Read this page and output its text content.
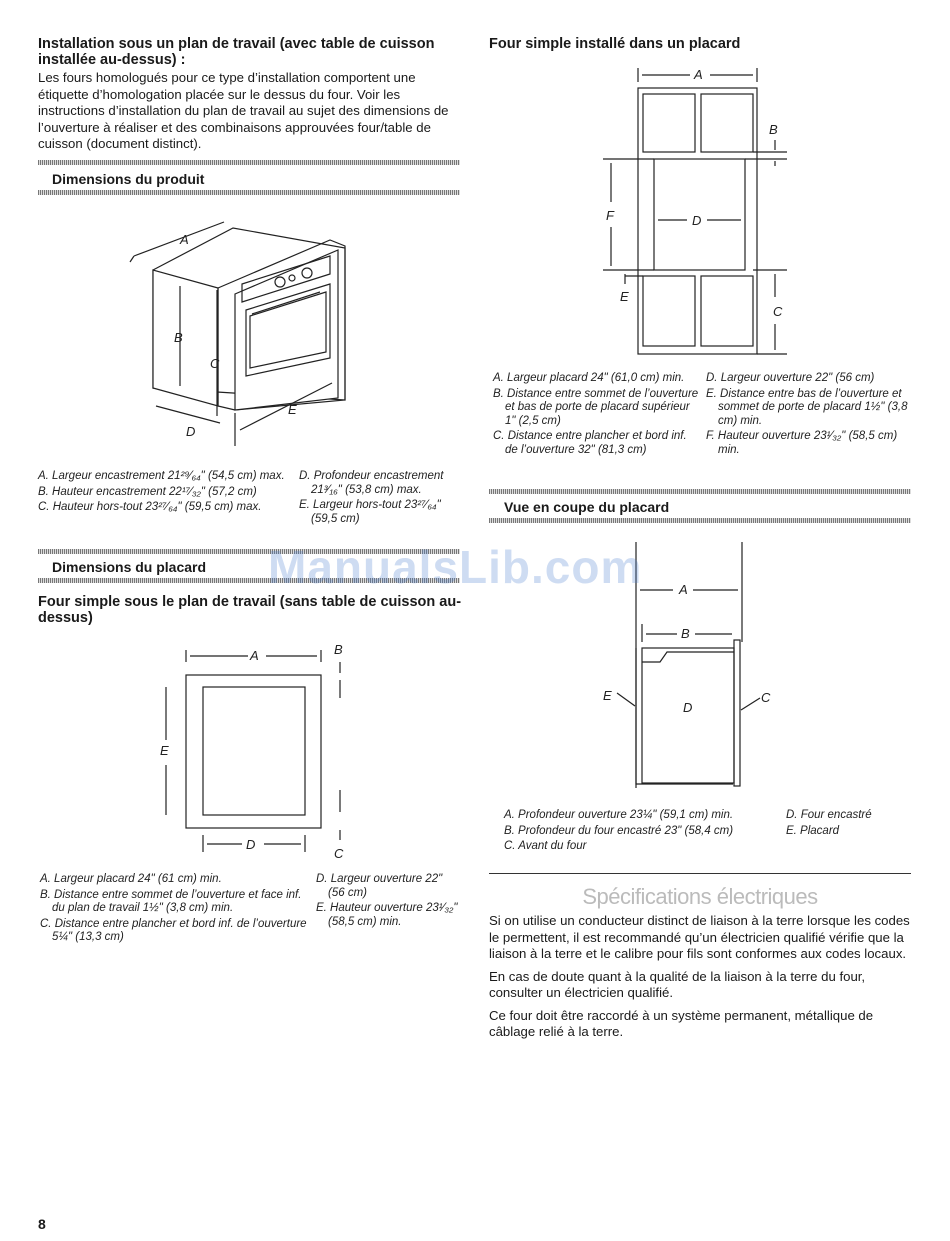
Installation sous un plan de travail (avec table de cuisson installée au-dessus) :

Les fours homologués pour ce type d’installation comportent une étiquette d’homologation placée sur le dessus du four. Voir les instructions d’installation du plan de travail au sujet des dimensions de l’ouverture à réaliser et des combinaisons approuvées four/table de cuisson (document distinct).

Dimensions du produit
A
B
C
D
E
A. Largeur encastrement 21²⁹⁄₆₄" (54,5 cm) max.
B. Hauteur encastrement 22¹⁷⁄₃₂" (57,2 cm)
C. Hauteur hors-tout 23²⁷⁄₆₄" (59,5 cm) max.
D. Profondeur encastrement 21³⁄₁₆" (53,8 cm) max.
E. Largeur hors-tout 23²⁷⁄₆₄" (59,5 cm)
Dimensions du placard
Four simple sous le plan de travail (sans table de cuisson au-dessus)
A	B
E
D
C
A. Largeur placard 24" (61 cm) min.
B. Distance entre sommet de l’ouverture et face inf. du plan de travail 1½" (3,8 cm) min.
C. Distance entre plancher et bord inf. de l’ouverture 5¼" (13,3 cm)
D. Largeur ouverture 22" (56 cm)
E. Hauteur ouverture 23¹⁄₃₂" (58,5 cm) min.
Four simple installé dans un placard
A
B
F	D
E
C
A. Largeur placard 24" (61,0 cm) min.
B. Distance entre sommet de l’ouverture et bas de porte de placard supérieur 1" (2,5 cm)
C. Distance entre plancher et bord inf. de l’ouverture 32" (81,3 cm)
D. Largeur ouverture 22" (56 cm)
E. Distance entre bas de l’ouverture et sommet de porte de placard 1½" (3,8 cm) min.
F. Hauteur ouverture 23¹⁄₃₂" (58,5 cm) min.
Vue en coupe du placard
A
B
E
D
C
A. Profondeur ouverture 23¼" (59,1 cm) min.
B. Profondeur du four encastré 23" (58,4 cm)
C. Avant du four
D. Four encastré
E. Placard
Spécifications électriques

Si on utilise un conducteur distinct de liaison à la terre lorsque les codes le permettent, il est recommandé qu’un électricien qualifié vérifie que la liaison à la terre et le calibre pour fils sont conformes aux codes locaux.

En cas de doute quant à la qualité de la liaison à la terre du four, consulter un électricien qualifié.

Ce four doit être raccordé à un système permanent, métallique de câblage relié à la terre.

ManualsLib.com
8
